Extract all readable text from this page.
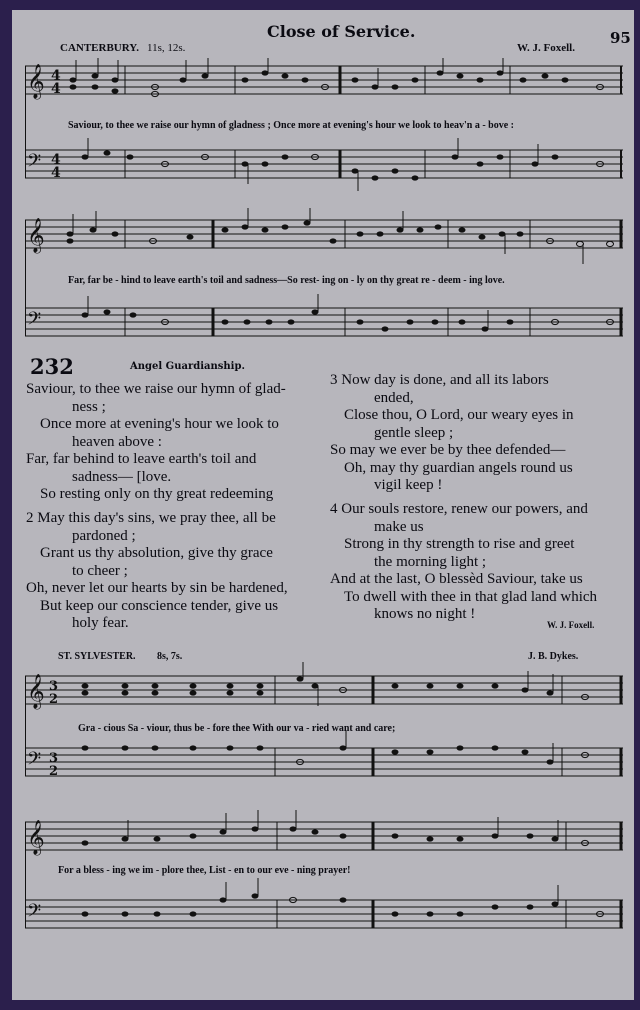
Close of Service.	95
CANTERBURY. 11s, 12s.	W. J. Foxell.
𝄞
𝄢
4
4
4
4
Saviour, to thee we raise our hymn of gladness ; Once more at evening's hour we look to heav'n a - bove :
𝄞
𝄢
Far, far be - hind to leave earth's toil and sadness—So rest- ing on - ly on thy great re - deem - ing love.
232	Angel Guardianship.
Saviour, to thee we raise our hymn of glad-
ness ;
Once more at evening's hour we look to
heaven above :
Far, far behind to leave earth's toil and
sadness— [love.
So resting only on thy great redeeming
2 May this day's sins, we pray thee, all be
pardoned ;
Grant us thy absolution, give thy grace
to cheer ;
Oh, never let our hearts by sin be hardened,
But keep our conscience tender, give us
holy fear.
3 Now day is done, and all its labors
ended,
Close thou, O Lord, our weary eyes in
gentle sleep ;
So may we ever be by thee defended—
Oh, may thy guardian angels round us
vigil keep !
4 Our souls restore, renew our powers, and
make us
Strong in thy strength to rise and greet
the morning light ;
And at the last, O blessèd Saviour, take us
To dwell with thee in that glad land which
knows no night !
W. J. Foxell.
ST. SYLVESTER. 8s, 7s.	J. B. Dykes.
𝄞
𝄢
3
2
3
2
Gra - cious Sa - viour, thus be - fore thee With our va - ried want and care;
𝄞
𝄢
For a bless - ing we im - plore thee, List - en to our eve - ning prayer!
